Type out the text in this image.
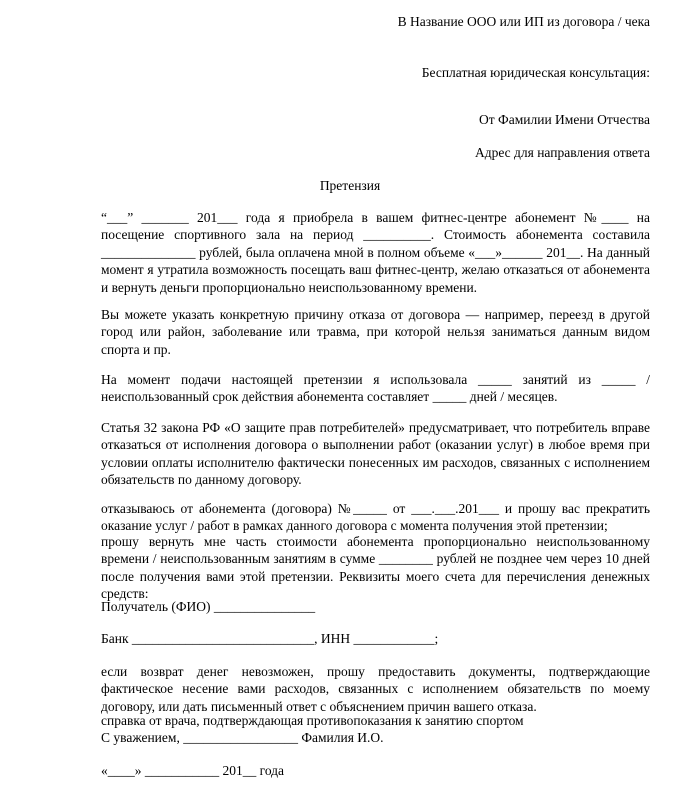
В Название ООО или ИП из договора / чека
Бесплатная юридическая консультация:
От Фамилии Имени Отчества
Адрес для направления ответа
Претензия
“___” _______ 201___ года я приобрела в вашем фитнес-центре абонемент №____ на посещение спортивного зала на период __________. Стоимость абонемента составила ______________ рублей, была оплачена мной в полном объеме «___»______ 201__. На данный момент я утратила возможность посещать ваш фитнес-центр, желаю отказаться от абонемента и вернуть деньги пропорционально неиспользованному времени.
Вы можете указать конкретную причину отказа от договора — например, переезд в другой город или район, заболевание или травма, при которой нельзя заниматься данным видом спорта и пр.
На момент подачи настоящей претензии я использовала _____ занятий из _____ / неиспользованный срок действия абонемента составляет _____ дней / месяцев.
Статья 32 закона РФ «О защите прав потребителей» предусматривает, что потребитель вправе отказаться от исполнения договора о выполнении работ (оказании услуг) в любое время при условии оплаты исполнителю фактически понесенных им расходов, связанных с исполнением обязательств по данному договору.
отказываюсь от абонемента (договора) №_____ от ___.___.201___ и прошу вас прекратить оказание услуг / работ в рамках данного договора с момента получения этой претензии;
прошу вернуть мне часть стоимости абонемента пропорционально неиспользованному времени / неиспользованным занятиям в сумме ________ рублей не позднее чем через 10 дней после получения вами этой претензии. Реквизиты моего счета для перечисления денежных средств:
Получатель (ФИО) _______________
Банк ___________________________, ИНН ____________;
если возврат денег невозможен, прошу предоставить документы, подтверждающие фактическое несение вами расходов, связанных с исполнением обязательств по моему договору, или дать письменный ответ с объяснением причин вашего отказа.
справка от врача, подтверждающая противопоказания к занятию спортом
С уважением, _________________ Фамилия И.О.
«____» ___________ 201__ года
